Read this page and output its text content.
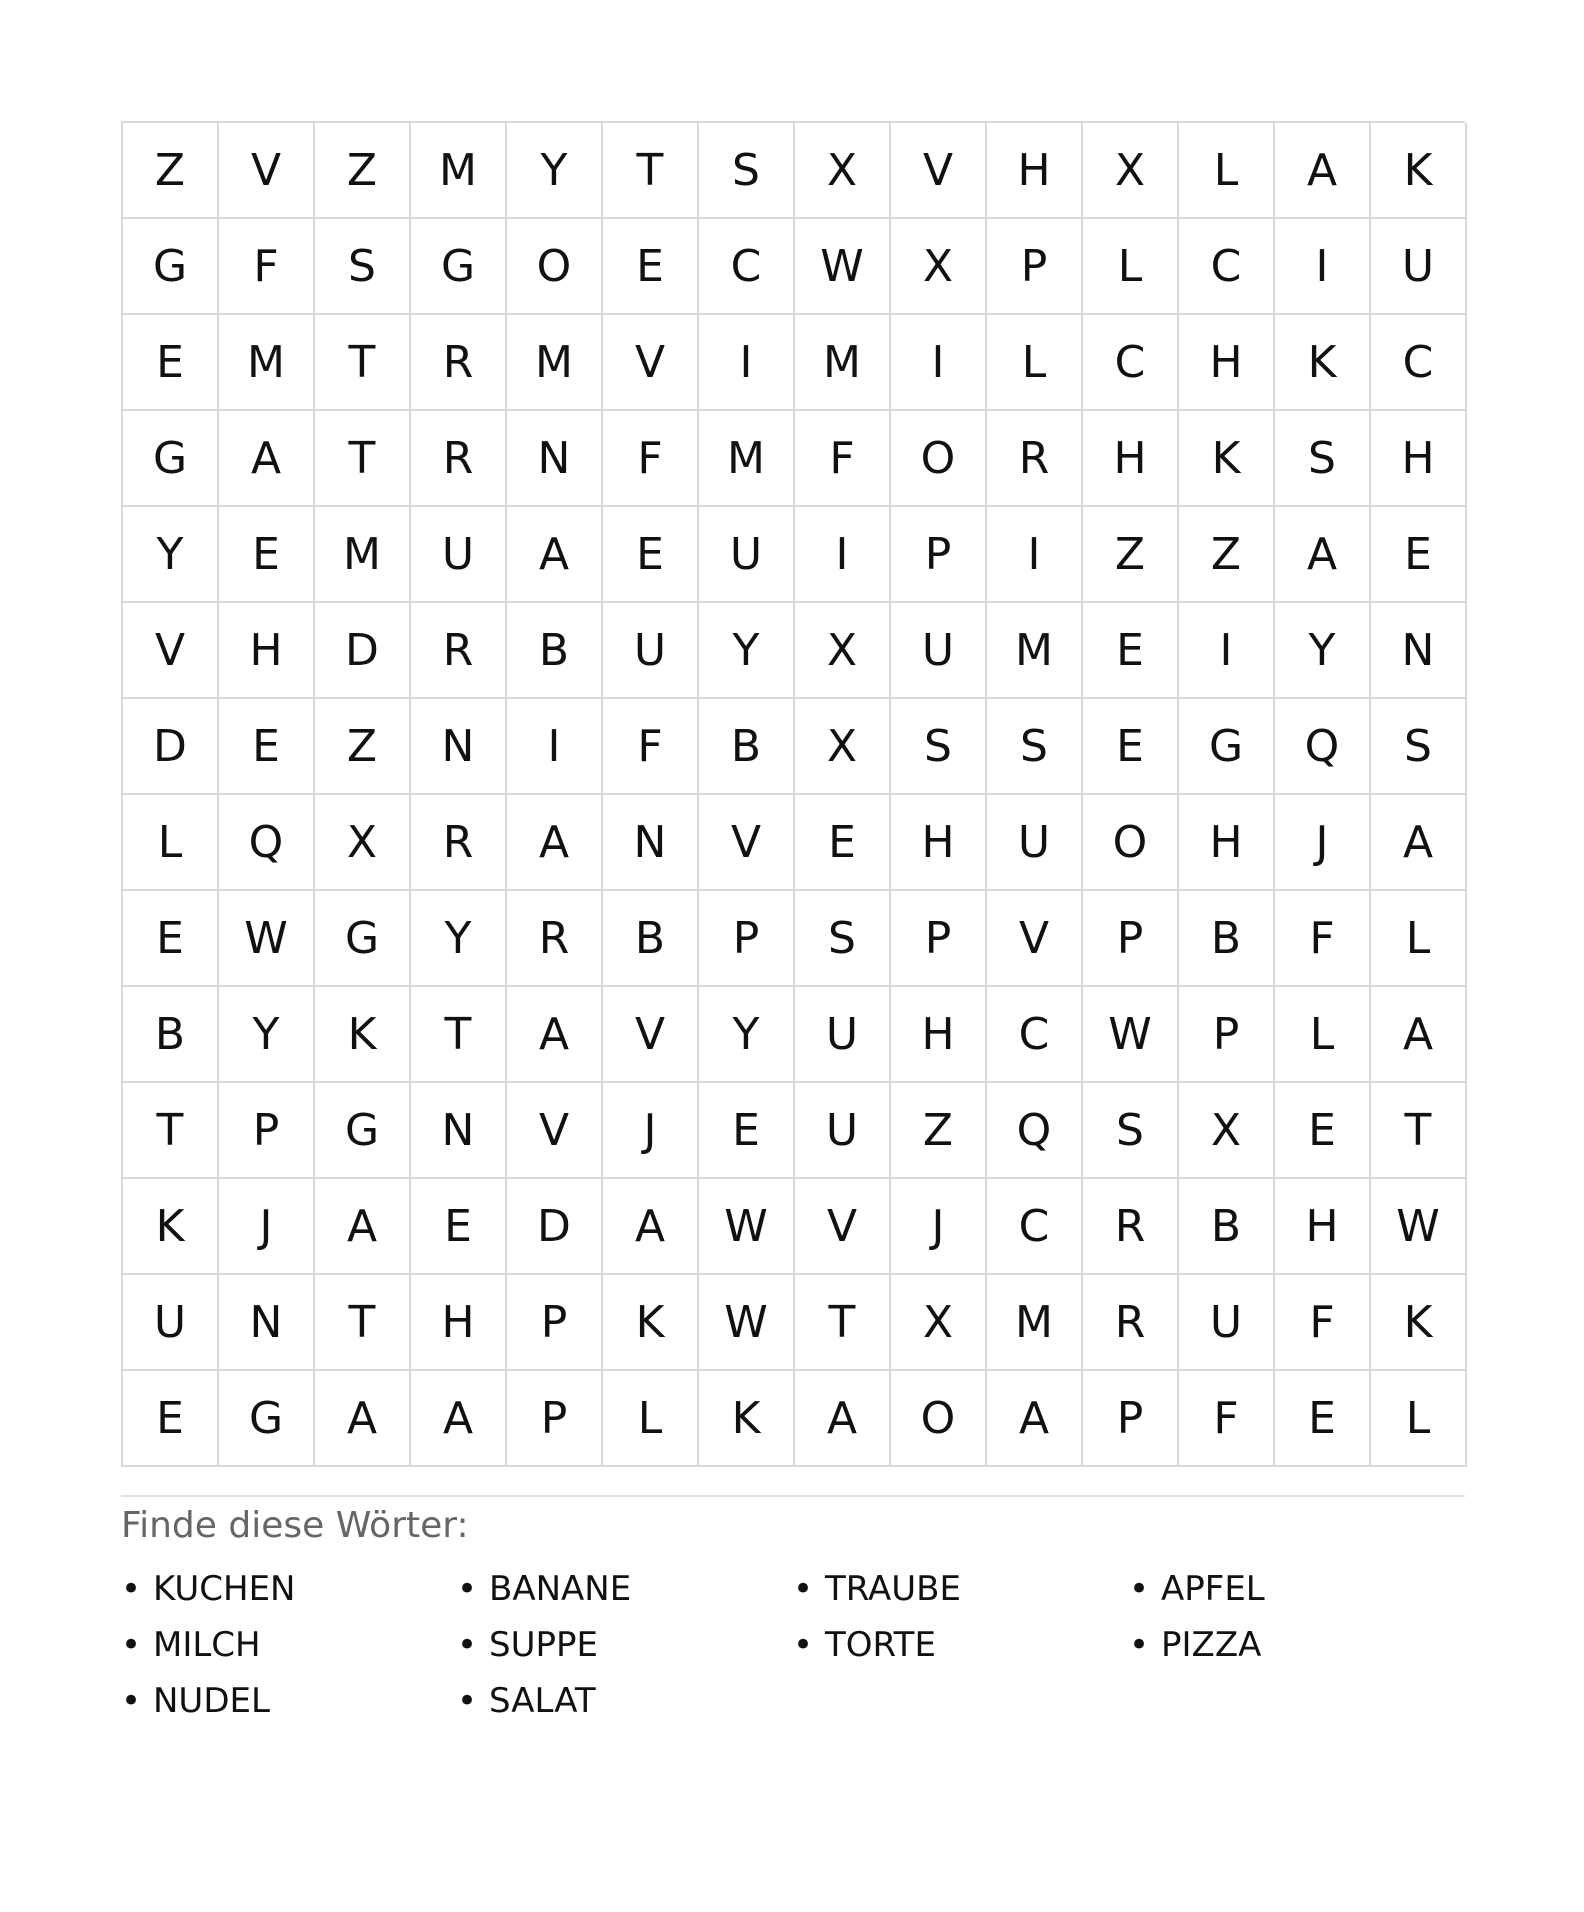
Z	V	Z	M	Y	T	S	X	V	H	X	L	A	K
G	F	S	G	O	E	C	W	X	P	L	C	I	U
E	M	T	R	M	V	I	M	I	L	C	H	K	C
G	A	T	R	N	F	M	F	O	R	H	K	S	H
Y	E	M	U	A	E	U	I	P	I	Z	Z	A	E
V	H	D	R	B	U	Y	X	U	M	E	I	Y	N
D	E	Z	N	I	F	B	X	S	S	E	G	Q	S
L	Q	X	R	A	N	V	E	H	U	O	H	J	A
E	W	G	Y	R	B	P	S	P	V	P	B	F	L
B	Y	K	T	A	V	Y	U	H	C	W	P	L	A
T	P	G	N	V	J	E	U	Z	Q	S	X	E	T
K	J	A	E	D	A	W	V	J	C	R	B	H	W
U	N	T	H	P	K	W	T	X	M	R	U	F	K
E	G	A	A	P	L	K	A	O	A	P	F	E	L
Finde diese Wörter:
• KUCHEN	• BANANE	• TRAUBE	• APFEL
• MILCH	• SUPPE	• TORTE	• PIZZA
• NUDEL	• SALAT
